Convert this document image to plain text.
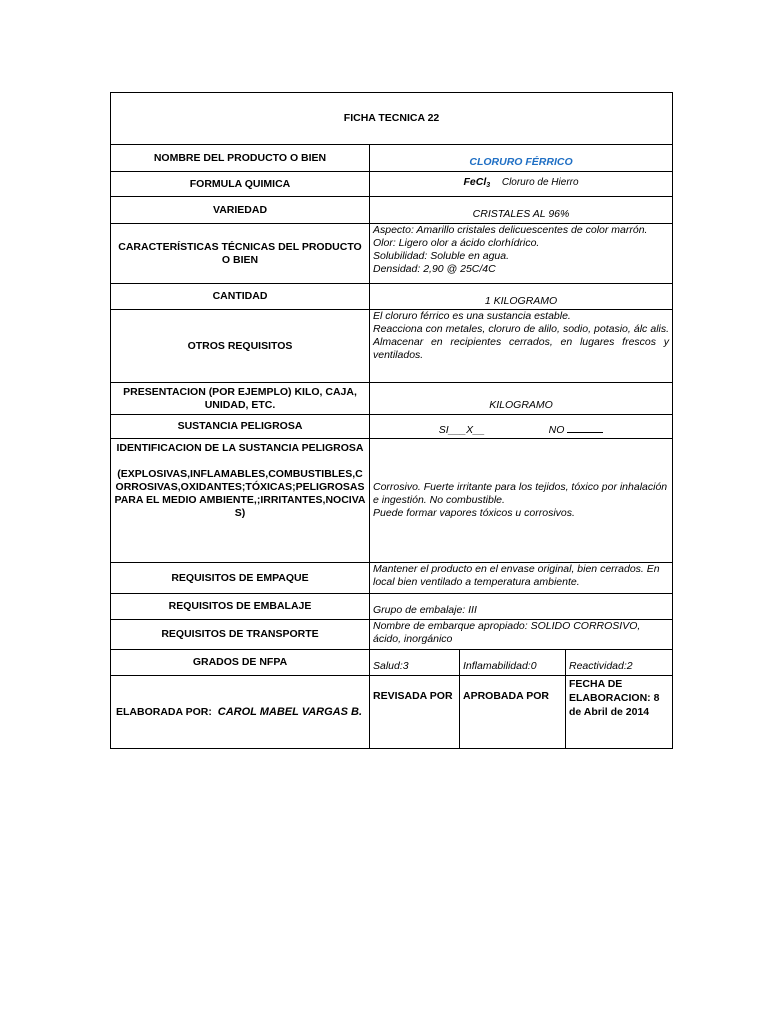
FICHA TECNICA 22			
NOMBRE DEL PRODUCTO O BIEN	CLORURO FÉRRICO		
FORMULA QUIMICA	FeCl$_3$ Cloruro de Hierro		
VARIEDAD	CRISTALES AL 96%		
CARACTERÍSTICAS TÉCNICAS DEL PRODUCTO O BIEN	Aspecto: Amarillo cristales delicuescentes de color marrón.
Olor: Ligero olor a ácido clorhídrico.
Solubilidad: Soluble en agua.
Densidad: 2,90 @ 25C/4C		

CANTIDAD	1 KILOGRAMO		
OTROS REQUISITOS	El cloruro férrico es una sustancia estable.
Reacciona con metales, cloruro de alilo, sodio, potasio, álc alis. Almacenar en recipientes cerrados, en lugares frescos y ventilados.		

PRESENTACION (POR EJEMPLO) KILO, CAJA, UNIDAD, ETC.	KILOGRAMO		
SUSTANCIA PELIGROSA	SI___X__ NO		

IDENTIFICACION DE LA SUSTANCIA PELIGROSA
(EXPLOSIVAS,INFLAMABLES,COMBUSTIBLES,CORROSIVAS,OXIDANTES;TÓXICAS;PELIGROSAS PARA EL MEDIO AMBIENTE,;IRRITANTES,NOCIVAS)	Corrosivo. Fuerte irritante para los tejidos, tóxico por inhalación e ingestión. No combustible.
Puede formar vapores tóxicos u corrosivos.		

REQUISITOS DE EMPAQUE	Mantener el producto en el envase original, bien cerrados. En local bien ventilado a temperatura ambiente.		
REQUISITOS DE EMBALAJE	Grupo de embalaje: III		
REQUISITOS DE TRANSPORTE	Nombre de embarque apropiado: SOLIDO CORROSIVO, ácido, inorgánico		
GRADOS DE NFPA	Salud:3	Inflamabilidad:0	Reactividad:2
ELABORADA POR: CAROL MABEL VARGAS B.	REVISADA POR	APROBADA POR	FECHA DE ELABORACION: 8 de Abril de 2014
